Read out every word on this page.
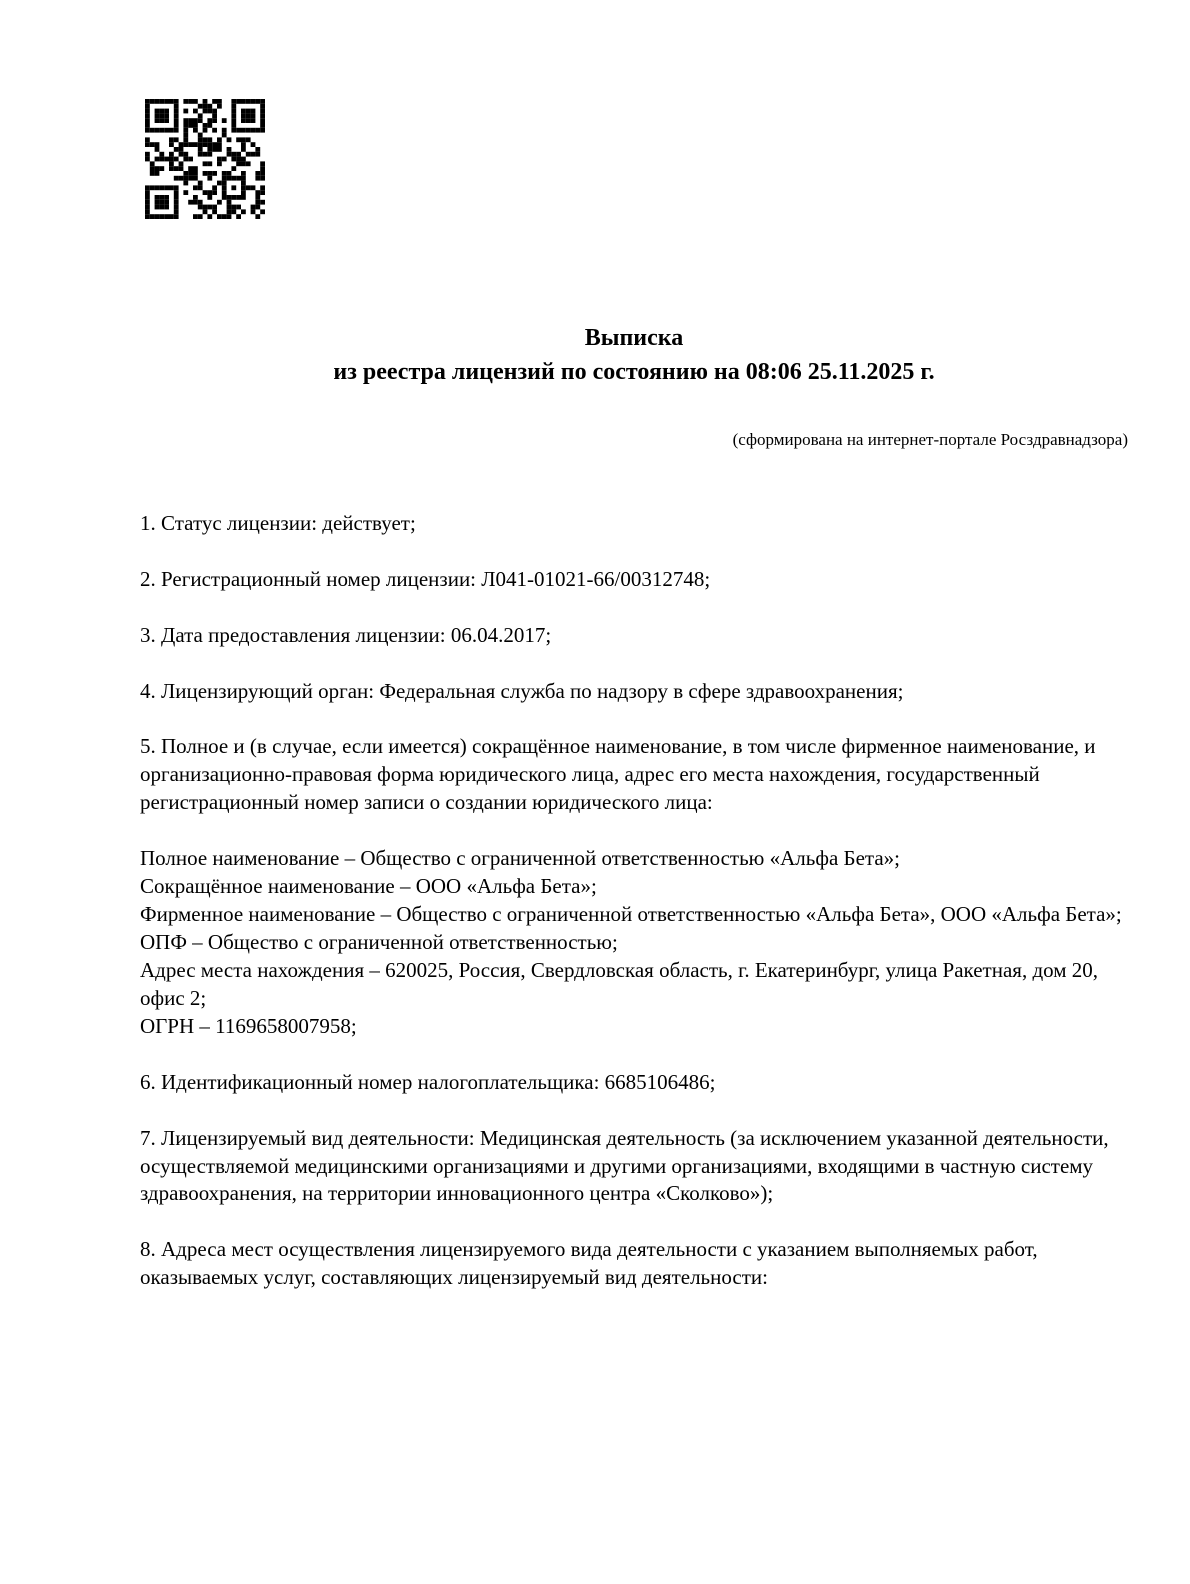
Выписка
из реестра лицензий по состоянию на 08:06 25.11.2025 г.
(сформирована на интернет-портале Росздравнадзора)

1. Статус лицензии: действует;

2. Регистрационный номер лицензии: Л041-01021-66/00312748;

3. Дата предоставления лицензии: 06.04.2017;

4. Лицензирующий орган: Федеральная служба по надзору в сфере здравоохранения;

5. Полное и (в случае, если имеется) сокращённое наименование, в том числе фирменное наименование, и организационно-правовая форма юридического лица, адрес его места нахождения, государственный регистрационный номер записи о создании юридического лица:

Полное наименование – Общество с ограниченной ответственностью «Альфа Бета»;
Сокращённое наименование – ООО «Альфа Бета»;
Фирменное наименование – Общество с ограниченной ответственностью «Альфа Бета», ООО «Альфа Бета»;
ОПФ – Общество с ограниченной ответственностью;
Адрес места нахождения – 620025, Россия, Свердловская область, г. Екатеринбург, улица Ракетная, дом 20, офис 2;
ОГРН – 1169658007958;

6. Идентификационный номер налогоплательщика: 6685106486;

7. Лицензируемый вид деятельности: Медицинская деятельность (за исключением указанной деятельности, осуществляемой медицинскими организациями и другими организациями, входящими в частную систему здравоохранения, на территории инновационного центра «Сколково»);

8. Адреса мест осуществления лицензируемого вида деятельности с указанием выполняемых работ, оказываемых услуг, составляющих лицензируемый вид деятельности:
